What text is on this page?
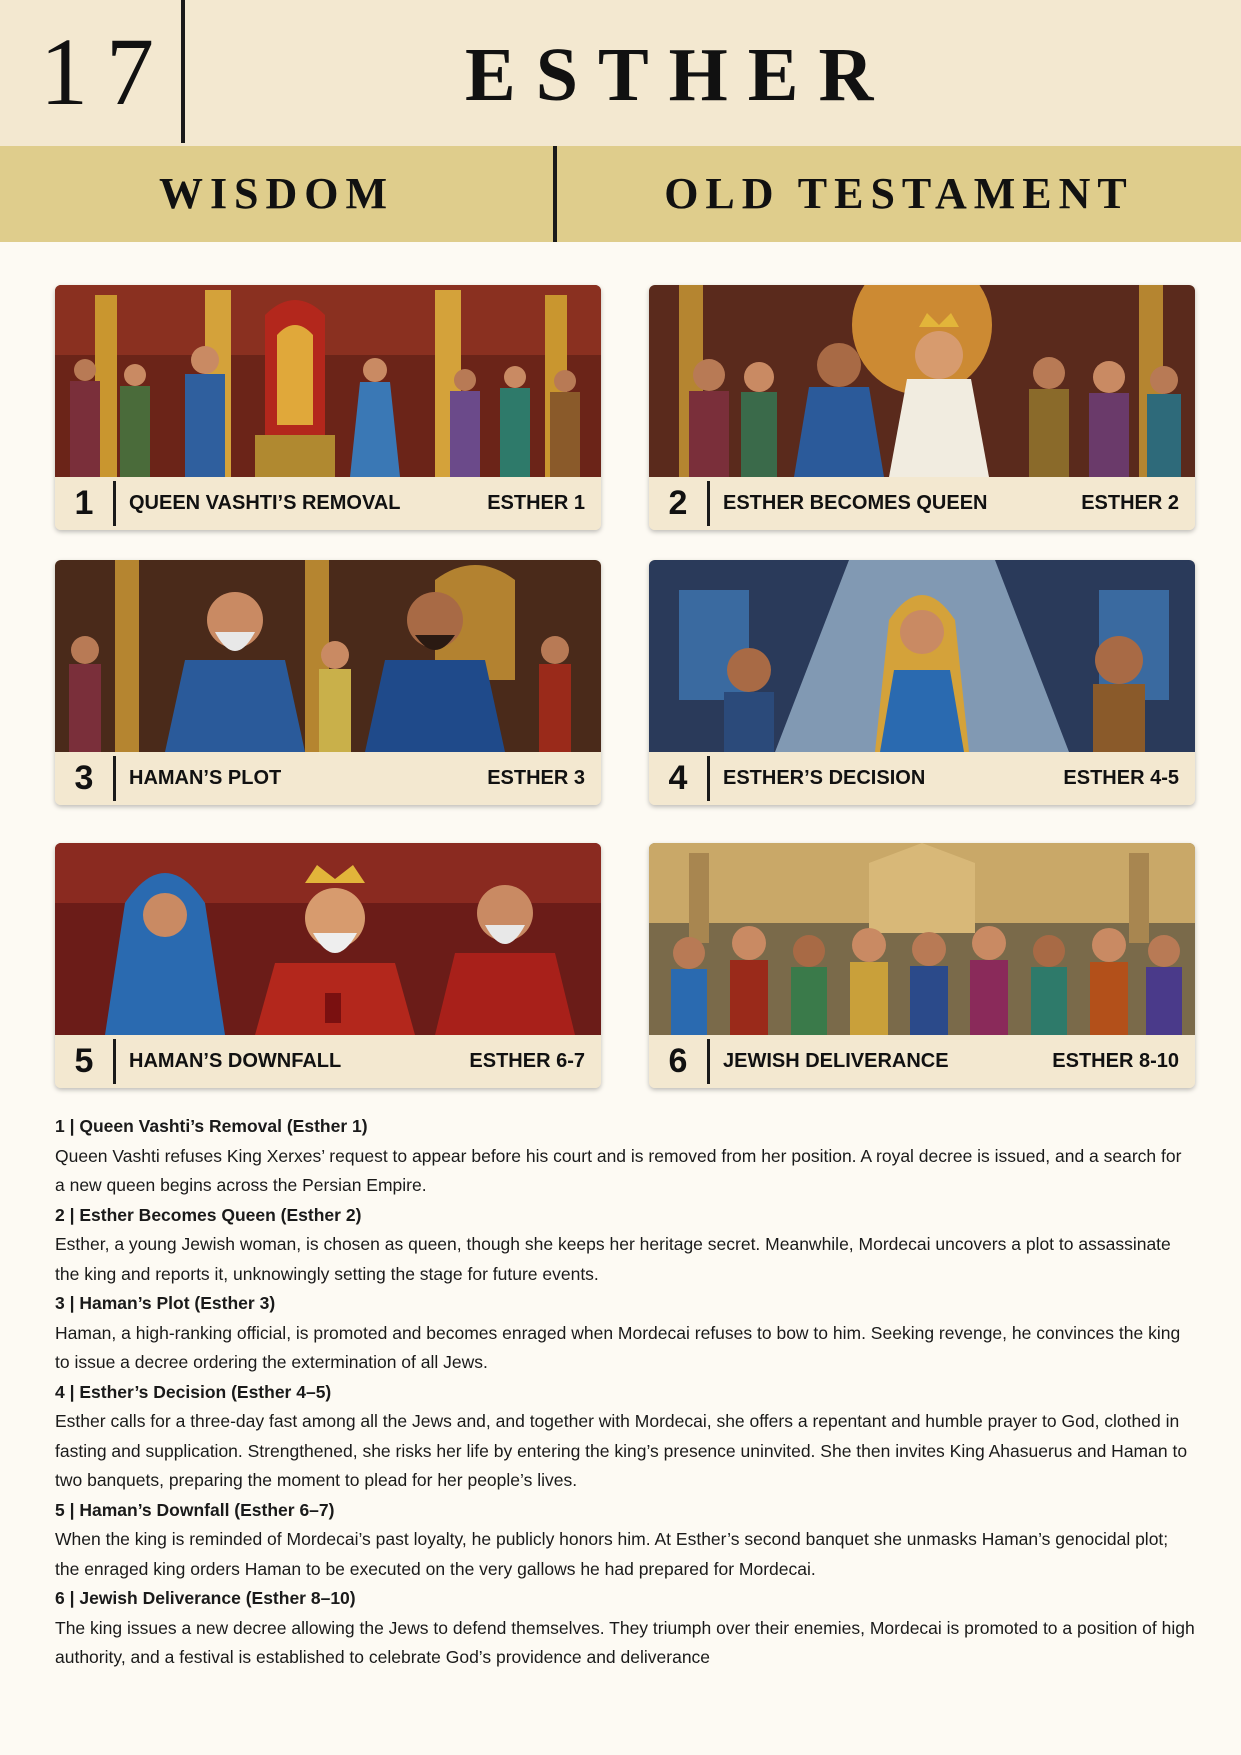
17	ESTHER
WISDOM	OLD TESTAMENT
1	QUEEN VASHTI’S REMOVAL	ESTHER 1	2	ESTHER BECOMES QUEEN	ESTHER 2
3	HAMAN’S PLOT	ESTHER 3	4	ESTHER’S DECISION	ESTHER 4-5
5	HAMAN’S DOWNFALL	ESTHER 6-7	6	JEWISH DELIVERANCE	ESTHER 8-10
1 | Queen Vashti’s Removal (Esther 1)

Queen Vashti refuses King Xerxes’ request to appear before his court and is removed from her position. A royal decree is issued, and a search for a new queen begins across the Persian Empire.

2 | Esther Becomes Queen (Esther 2)

Esther, a young Jewish woman, is chosen as queen, though she keeps her heritage secret. Meanwhile, Mordecai uncovers a plot to assassinate the king and reports it, unknowingly setting the stage for future events.

3 | Haman’s Plot (Esther 3)

Haman, a high-ranking official, is promoted and becomes enraged when Mordecai refuses to bow to him. Seeking revenge, he convinces the king to issue a decree ordering the extermination of all Jews.

4 | Esther’s Decision (Esther 4–5)

Esther calls for a three-day fast among all the Jews and, and together with Mordecai, she offers a repentant and humble prayer to God, clothed in fasting and supplication. Strengthened, she risks her life by entering the king’s presence uninvited. She then invites King Ahasuerus and Haman to two banquets, preparing the moment to plead for her people’s lives.

5 | Haman’s Downfall (Esther 6–7)

When the king is reminded of Mordecai’s past loyalty, he publicly honors him. At Esther’s second banquet she unmasks Haman’s genocidal plot; the enraged king orders Haman to be executed on the very gallows he had prepared for Mordecai.

6 | Jewish Deliverance (Esther 8–10)

The king issues a new decree allowing the Jews to defend themselves. They triumph over their enemies, Mordecai is promoted to a position of high authority, and a festival is established to celebrate God’s providence and deliverance
